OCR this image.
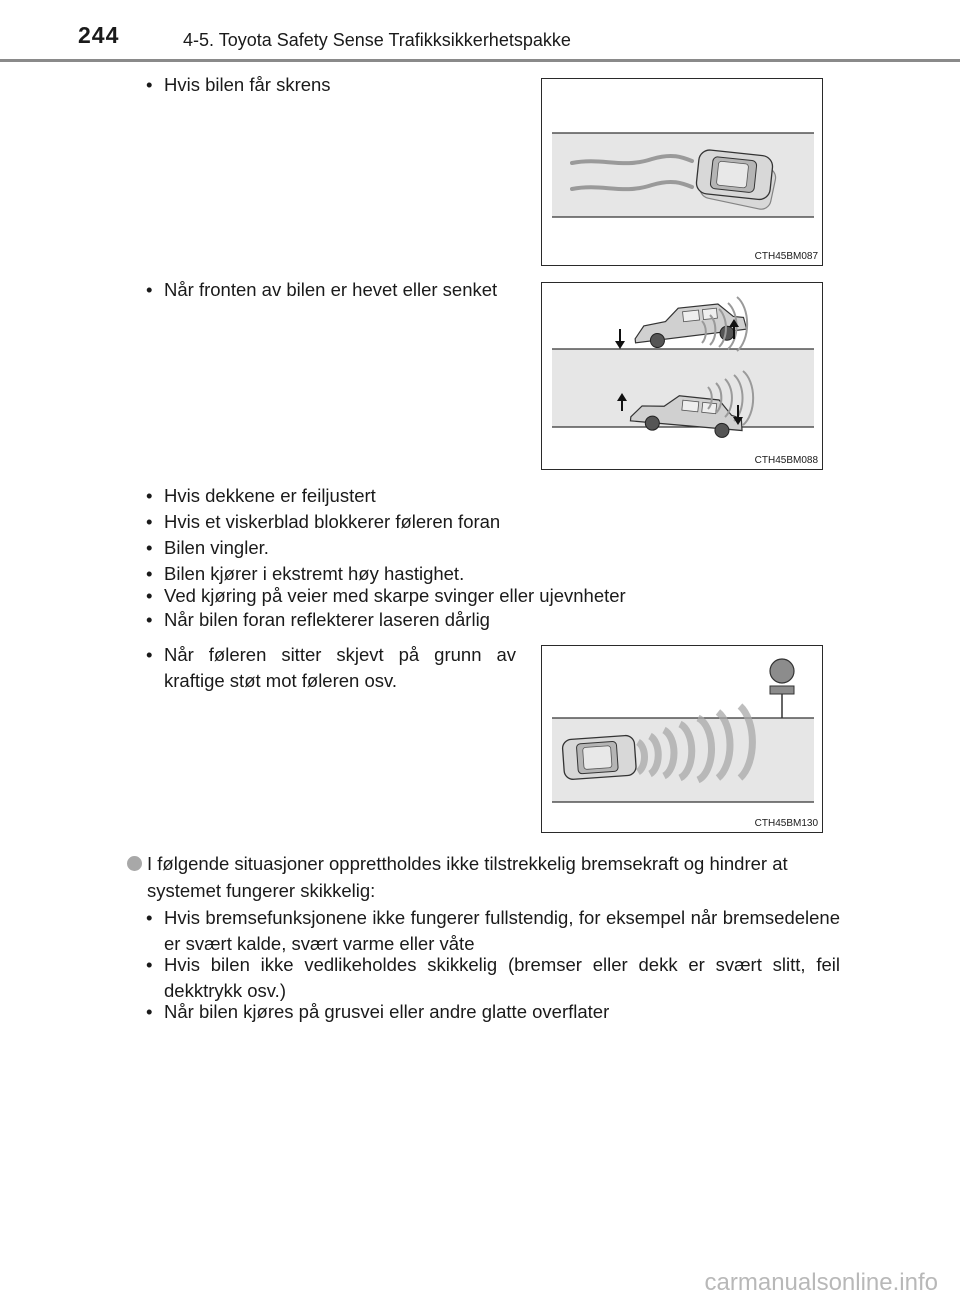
244	4-5. Toyota Safety Sense Trafikksikkerhetspakke
• Hvis bilen får skrens
CTH45BM087
• Når fronten av bilen er hevet eller senket
CTH45BM088
• Hvis dekkene er feiljustert
• Hvis et viskerblad blokkerer føleren foran
• Bilen vingler.
• Bilen kjører i ekstremt høy hastighet.
• Ved kjøring på veier med skarpe svinger eller ujevnheter
• Når bilen foran reflekterer laseren dårlig
• Når føleren sitter skjevt på grunn av kraftige støt mot føleren osv.
CTH45BM130
I følgende situasjoner opprettholdes ikke tilstrekkelig bremsekraft og hindrer at systemet fungerer skikkelig:
• Hvis bremsefunksjonene ikke fungerer fullstendig, for eksempel når bremsedelene er svært kalde, svært varme eller våte
• Hvis bilen ikke vedlikeholdes skikkelig (bremser eller dekk er svært slitt, feil dekktrykk osv.)
• Når bilen kjøres på grusvei eller andre glatte overflater
carmanualsonline.info
